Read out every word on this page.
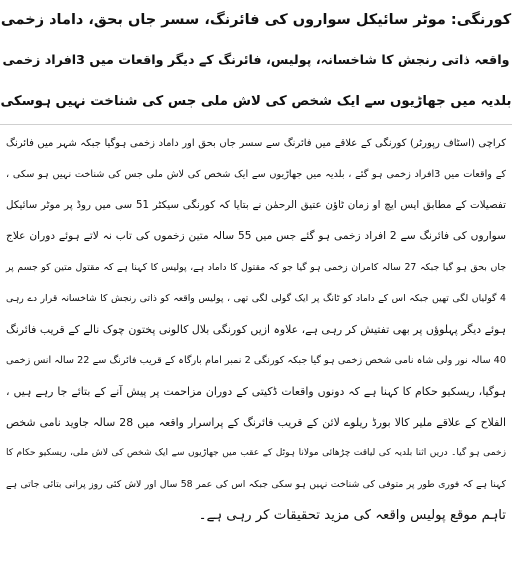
کورنگی: موٹر سائیکل سواروں کی فائرنگ، سسر جاں بحق، داماد زخمی
واقعہ ذاتی رنجش کا شاخسانہ، پولیس، فائرنگ کے دیگر واقعات میں 3افراد زخمی
بلدیہ میں جھاڑیوں سے ایک شخص کی لاش ملی جس کی شناخت نہیں ہوسکی
کراچی (اسٹاف رپورٹر) کورنگی کے علاقے میں فائرنگ سے سسر جاں بحق اور داماد زخمی ہوگیا جبکہ شہر میں فائرنگ
کے واقعات میں 3افراد زخمی ہو گئے ، بلدیہ میں جھاڑیوں سے ایک شخص کی لاش ملی جس کی شناخت نہیں ہو سکی ،
تفصیلات کے مطابق ایس ایچ او زمان ٹاؤن عتیق الرحمٰن نے بتایا کہ کورنگی سیکٹر 51 سی میں روڈ پر موٹر سائیکل
سواروں کی فائرنگ سے 2 افراد زخمی ہو گئے جس میں 55 سالہ متین زخموں کی تاب نہ لاتے ہوئے دوران علاج
جاں بحق ہو گیا جبکہ 27 سالہ کامران زخمی ہو گیا جو کہ مقتول کا داماد ہے، پولیس کا کہنا ہے کہ مقتول متین کو جسم پر
4 گولیاں لگی تھیں جبکہ اس کے داماد کو ٹانگ پر ایک گولی لگی تھی ، پولیس واقعہ کو ذاتی رنجش کا شاخسانہ قرار دے رہی
ہوئے دیگر پہلوؤں پر بھی تفتیش کر رہی ہے، علاوہ ازیں کورنگی بلال کالونی پختون چوک نالے کے قریب فائرنگ
40 سالہ نور ولی شاہ نامی شخص زخمی ہو گیا جبکہ کورنگی 2 نمبر امام بارگاہ کے قریب فائرنگ سے 22 سالہ انس زخمی
ہوگیا، ریسکیو حکام کا کہنا ہے کہ دونوں واقعات ڈکیتی کے دوران مزاحمت پر پیش آنے کے بتائے جا رہے ہیں ،
الفلاح کے علاقے ملیر کالا بورڈ ریلوے لائن کے قریب فائرنگ کے پراسرار واقعہ میں 28 سالہ جاوید نامی شخص
زخمی ہو گیا۔ دریں اثنا بلدیہ کی لیاقت چڑھائی مولانا ہوٹل کے عقب میں جھاڑیوں سے ایک شخص کی لاش ملی، ریسکیو حکام کا
کہنا ہے کہ فوری طور پر متوفی کی شناخت نہیں ہو سکی جبکہ اس کی عمر 58 سال اور لاش کئی روز پرانی بتائی جاتی ہے
تاہم موقع پولیس واقعہ کی مزید تحقیقات کر رہی ہے۔
